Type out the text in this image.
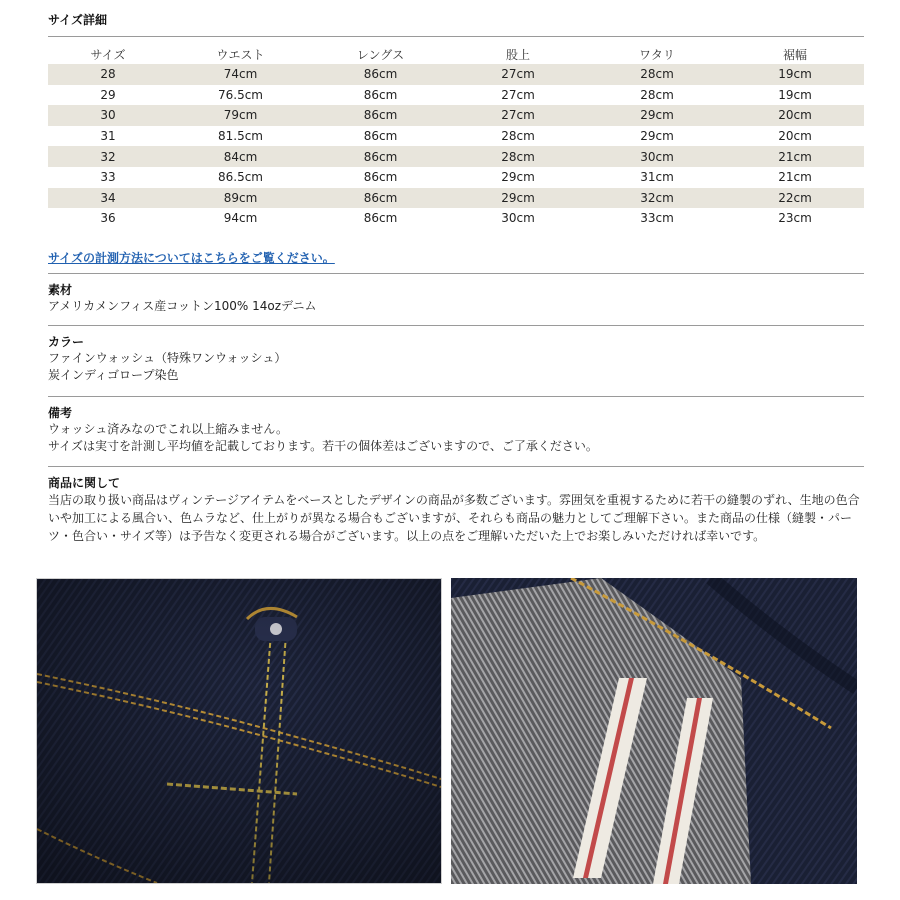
サイズ詳細
サイズ	ウエスト	レングス	股上	ワタリ	裾幅
28	74cm	86cm	27cm	28cm	19cm
29	76.5cm	86cm	27cm	28cm	19cm
30	79cm	86cm	27cm	29cm	20cm
31	81.5cm	86cm	28cm	29cm	20cm
32	84cm	86cm	28cm	30cm	21cm
33	86.5cm	86cm	29cm	31cm	21cm
34	89cm	86cm	29cm	32cm	22cm
36	94cm	86cm	30cm	33cm	23cm
サイズの計測方法についてはこちらをご覧ください。
素材
アメリカメンフィス産コットン100% 14ozデニム
カラー
ファインウォッシュ（特殊ワンウォッシュ）
炭インディゴロープ染色
備考
ウォッシュ済みなのでこれ以上縮みません。
サイズは実寸を計測し平均値を記載しております。若干の個体差はございますので、ご了承ください。
商品に関して
当店の取り扱い商品はヴィンテージアイテムをベースとしたデザインの商品が多数ございます。雰囲気を重視するために若干の縫製のずれ、生地の色合いや加工による風合い、色ムラなど、仕上がりが異なる場合もございますが、それらも商品の魅力としてご理解下さい。また商品の仕様（縫製・パーツ・色合い・サイズ等）は予告なく変更される場合がございます。以上の点をご理解いただいた上でお楽しみいただければ幸いです。
